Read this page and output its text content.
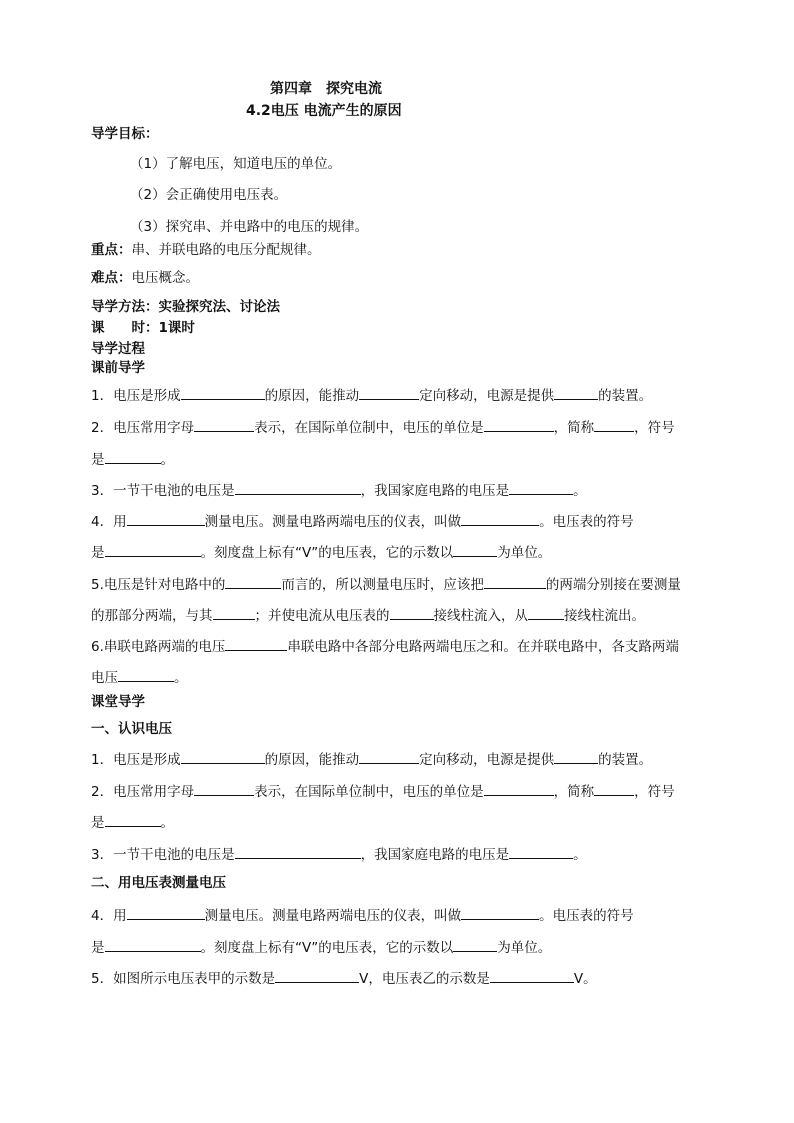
第四章　探究电流
4.2电压 电流产生的原因
导学目标：
（1）了解电压，知道电压的单位。
（2）会正确使用电压表。
（3）探究串、并电路中的电压的规律。
重点：串、并联电路的电压分配规律。
难点：电压概念。
导学方法：实验探究法、讨论法
课　　时：1课时
导学过程
课前导学
1．电压是形成	的原因，能推动	定向移动，电源是提供	的装置。
2．电压常用字母	表示，在国际单位制中，电压的单位是	，简称	，符号
是	。
3．一节干电池的电压是	，我国家庭电路的电压是	。
4．用	测量电压。测量电路两端电压的仪表，叫做	。电压表的符号
是	。刻度盘上标有“V”的电压表，它的示数以	为单位。
5.电压是针对电路中的	而言的，所以测量电压时，应该把	的两端分别接在要测量
的那部分两端，与其	；并使电流从电压表的	接线柱流入，从	接线柱流出。
6.串联电路两端的电压	串联电路中各部分电路两端电压之和。在并联电路中，各支路两端
电压	。
课堂导学
一、认识电压
1．电压是形成	的原因，能推动	定向移动，电源是提供	的装置。
2．电压常用字母	表示，在国际单位制中，电压的单位是	，简称	，符号
是	。
3．一节干电池的电压是	，我国家庭电路的电压是	。
二、用电压表测量电压
4．用	测量电压。测量电路两端电压的仪表，叫做	。电压表的符号
是	。刻度盘上标有“V”的电压表，它的示数以	为单位。
5．如图所示电压表甲的示数是	V，电压表乙的示数是	V。
